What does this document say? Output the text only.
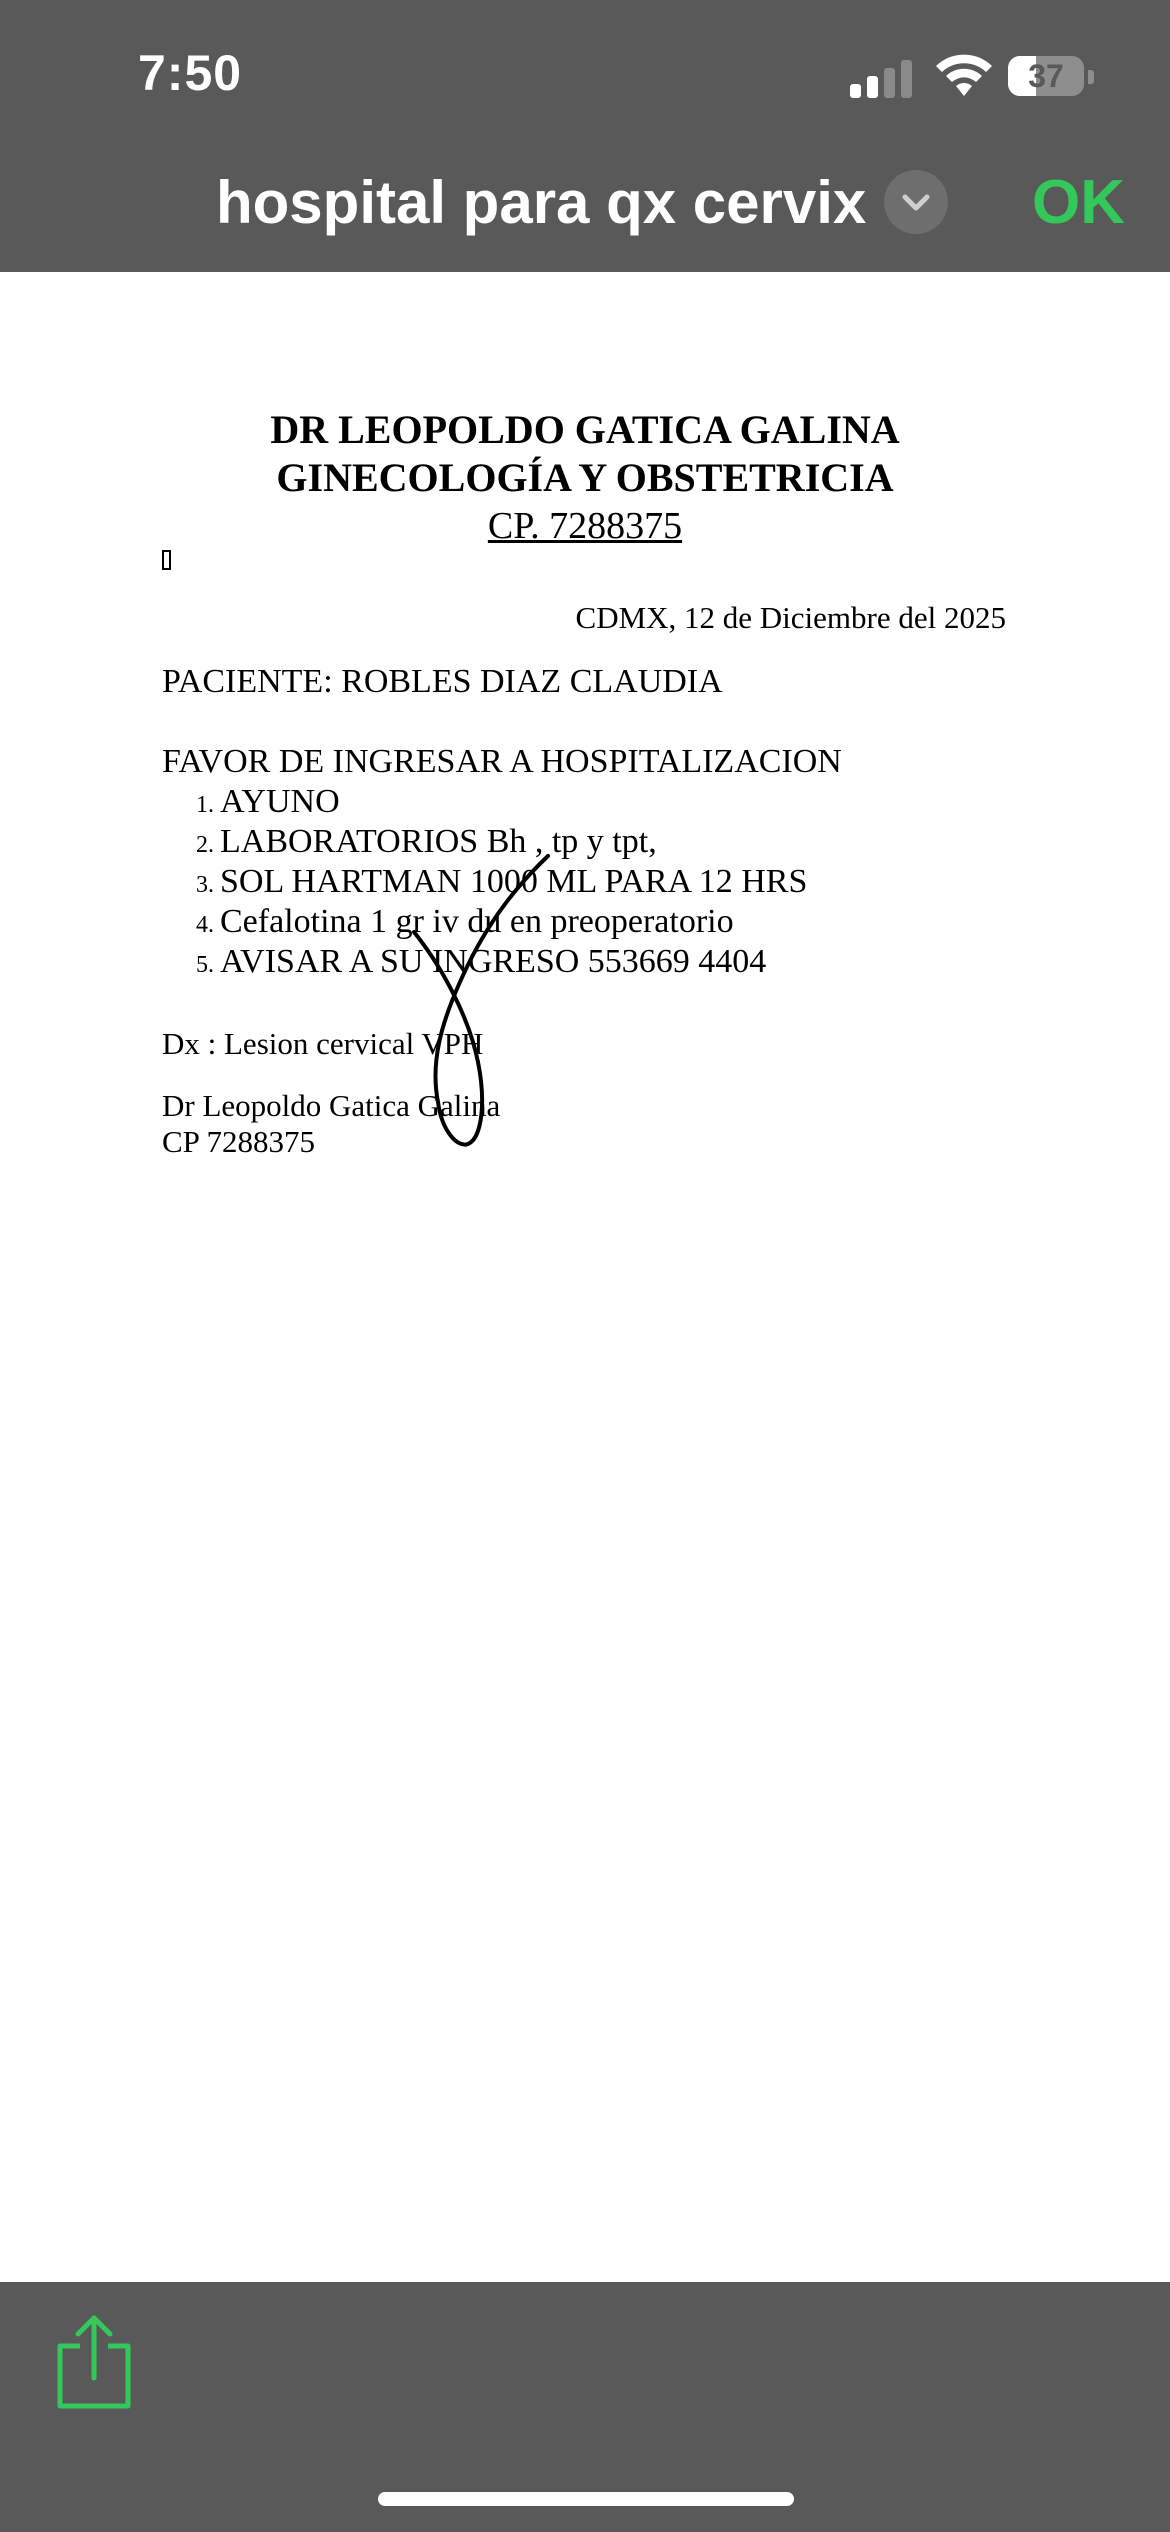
7:50	37
hospital para qx cervix	OK
DR LEOPOLDO GATICA GALINA
GINECOLOGÍA Y OBSTETRICIA
CP. 7288375
CDMX, 12 de Diciembre del 2025
PACIENTE: ROBLES DIAZ CLAUDIA
FAVOR DE INGRESAR A HOSPITALIZACION
1. AYUNO
2. LABORATORIOS Bh , tp y tpt,
3. SOL HARTMAN 1000 ML PARA 12 HRS
4. Cefalotina 1 gr iv du en preoperatorio
5. AVISAR A SU INGRESO 553669 4404
Dx : Lesion cervical VPH
Dr Leopoldo Gatica Galina
CP 7288375
